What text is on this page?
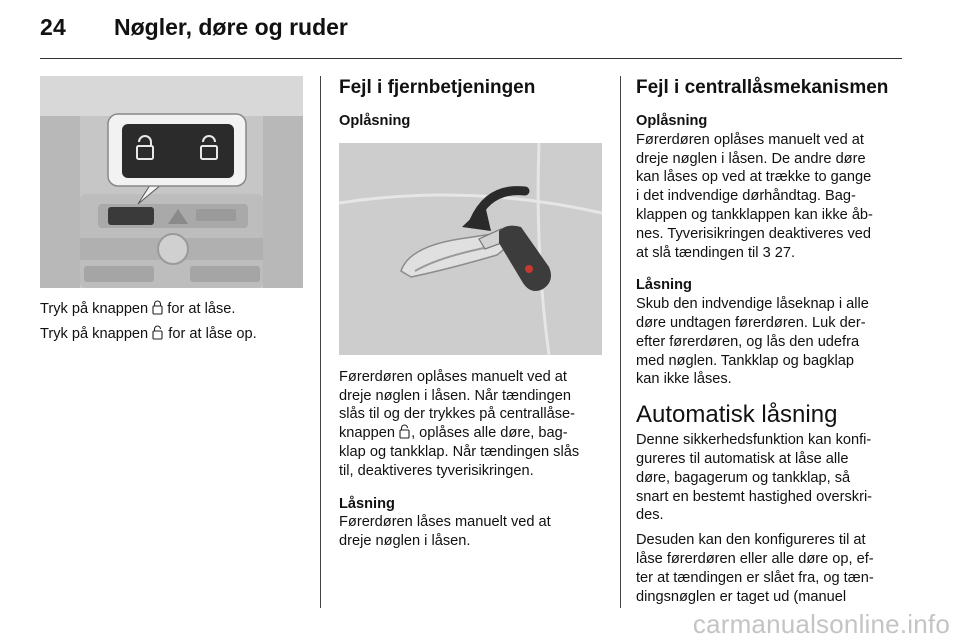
24 Nøgler, døre og ruder

Tryk på knappen for at låse.

Tryk på knappen for at låse op.

Fejl i fjernbetjeningen
Oplåsning

Førerdøren oplåses manuelt ved at
dreje nøglen i låsen. Når tændingen
slås til og der trykkes på centrallåse-
knappen , oplåses alle døre, bag-
klap og tankklap. Når tændingen slås
til, deaktiveres tyverisikringen.

Låsning

Førerdøren låses manuelt ved at
dreje nøglen i låsen.

Fejl i centrallåsmekanismen
Oplåsning

Førerdøren oplåses manuelt ved at
dreje nøglen i låsen. De andre døre
kan låses op ved at trække to gange
i det indvendige dørhåndtag. Bag-
klappen og tankklappen kan ikke åb-
nes. Tyverisikringen deaktiveres ved
at slå tændingen til 3 27.

Låsning

Skub den indvendige låseknap i alle
døre undtagen førerdøren. Luk der-
efter førerdøren, og lås den udefra
med nøglen. Tankklap og bagklap
kan ikke låses.

Automatisk låsning

Denne sikkerhedsfunktion kan konfi-
gureres til automatisk at låse alle
døre, bagagerum og tankklap, så
snart en bestemt hastighed overskri-
des.

Desuden kan den konfigureres til at
låse førerdøren eller alle døre op, ef-
ter at tændingen er slået fra, og tæn-
dingsnøglen er taget ud (manuel

carmanualsonline.info
